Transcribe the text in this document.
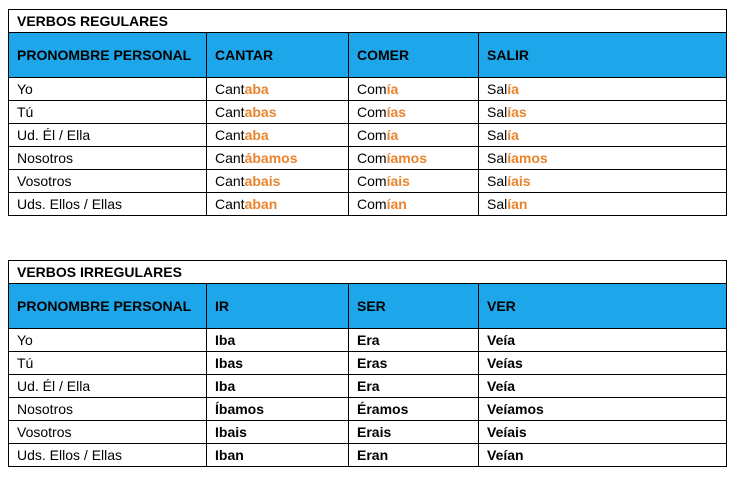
VERBOS REGULARES			
PRONOMBRE PERSONAL	CANTAR	COMER	SALIR
Yo	Cantaba	Comía	Salía
Tú	Cantabas	Comías	Salías
Ud. Él / Ella	Cantaba	Comía	Salía
Nosotros	Cantábamos	Comíamos	Salíamos
Vosotros	Cantabais	Comíais	Salíais
Uds. Ellos / Ellas	Cantaban	Comían	Salían
VERBOS IRREGULARES			
PRONOMBRE PERSONAL	IR	SER	VER
Yo	Iba	Era	Veía
Tú	Ibas	Eras	Veías
Ud. Él / Ella	Iba	Era	Veía
Nosotros	Íbamos	Éramos	Veíamos
Vosotros	Ibais	Erais	Veíais
Uds. Ellos / Ellas	Iban	Eran	Veían
